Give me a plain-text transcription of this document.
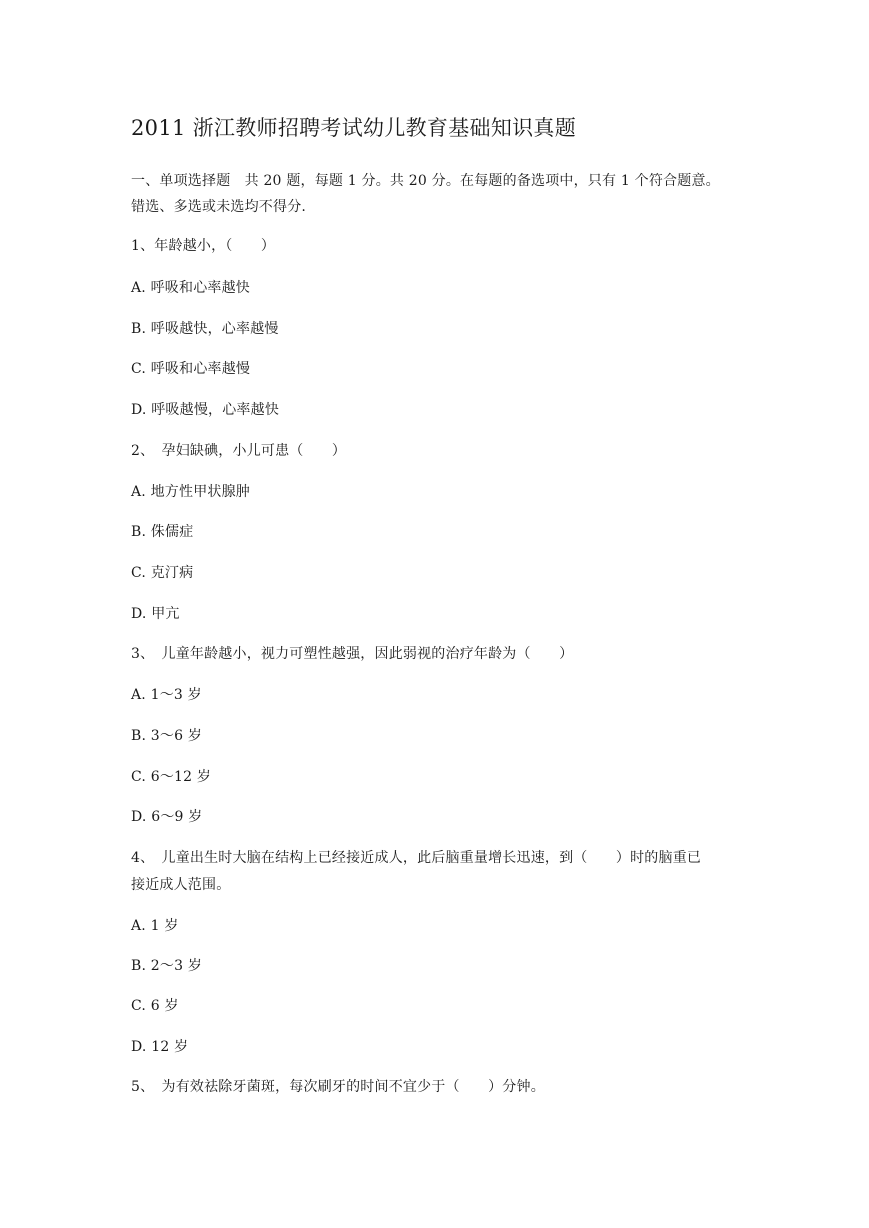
2011 浙江教师招聘考试幼儿教育基础知识真题
一、单项选择题　共 20 题，每题 1 分。共 20 分。在每题的备选项中，只有 1 个符合题意。
错选、多选或未选均不得分.
1、年龄越小，（　　）
A. 呼吸和心率越快
B. 呼吸越快，心率越慢
C. 呼吸和心率越慢
D. 呼吸越慢，心率越快
2、　孕妇缺碘，小儿可患（　　）
A. 地方性甲状腺肿
B. 侏儒症
C. 克汀病
D. 甲亢
3、　儿童年龄越小，视力可塑性越强，因此弱视的治疗年龄为（　　）
A. 1～3 岁
B. 3～6 岁
C. 6～12 岁
D. 6～9 岁
4、　儿童出生时大脑在结构上已经接近成人，此后脑重量增长迅速，到（　　）时的脑重已
接近成人范围。
A. 1 岁
B. 2～3 岁
C. 6 岁
D. 12 岁
5、　为有效祛除牙菌斑，每次刷牙的时间不宜少于（　　）分钟。
